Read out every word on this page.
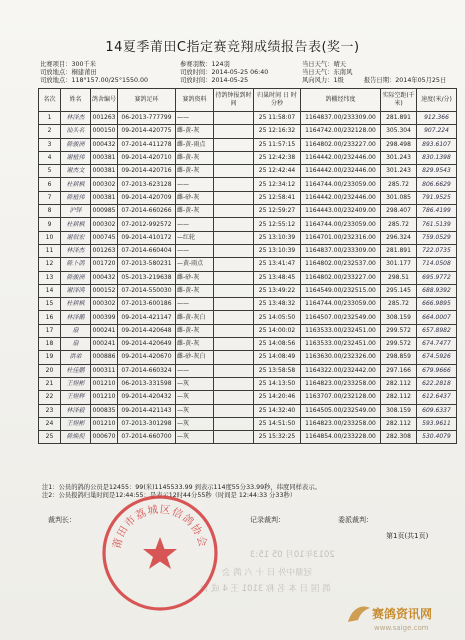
14夏季莆田C指定赛竞翔成绩报告表(奖一)
比赛项目：300千米
司放地点：桐建莆田
司放地点：118°157.00/25°1550.00
参赛羽数：124羽
司放时间：2014-05-25 06:40
司放时间：2014-05-25
当日天气：晴天
当日天气：东南风
风向风力：1级	报告日期：2014年05月25日
名次	姓名	鸽舍编号	赛鸽足环	赛鸽资料	持鸽钟报到时间	归巢时间 日 时分秒	鸽棚经纬度	实际空距(千米)	速度(米/分)
1	林泽杰	001263	06-2013-777799	——		25 11:58:07	1164837.00/233309.00	281.891	912.366
2	汕头名	000150	09-2014-420775	雌-黄-灰		25 12:16:32	1164742.00/232128.00	305.304	907.224
3	陈骏洲	000432	07-2014-411278	雌-黄-雨点		25 11:57:15	1164802.00/233227.00	298.498	893.6107
4	谢植伟	000381	09-2014-420710	雌-黄-灰		25 12:42:38	1164442.00/232446.00	301.243	830.1398
5	谢杰文	000381	09-2014-420716	雌-黄-灰		25 12:42:44	1164442.00/232446.00	301.243	829.9543
6	杜耕枫	000302	07-2013-623128	——		25 12:34:12	1164744.00/233059.00	285.72	806.6629
7	陈植伟	000381	09-2014-420709	雌-砂-灰		25 12:58:41	1164442.00/232446.00	301.085	791.9525
8	沪铎	000985	07-2014-660266	雌-黄-灰		25 12:59:27	1164443.00/232409.00	298.407	786.4199
9	杜耕枫	000302	07-2012-992572	——		25 12:55:12	1164744.00/233059.00	285.72	761.5139
10	谢叙宏	000745	09-2014-410172	—红轮		25 13:10:39	1164701.00/232316.00	296.324	759.0529
11	林泽杰	001263	07-2014-660404	——		25 13:10:39	1164837.00/233309.00	281.891	722.0735
12	陈卜鸽	001720	07-2013-580231	—黄-雨点		25 13:41:47	1164802.00/232537.00	301.177	714.0508
13	陈骏洲	000432	05-2013-219638	雌-砂-灰		25 13:48:45	1164802.00/233227.00	298.51	695.9772
14	谢泽鸿	000152	07-2014-550030	雌-黄-灰		25 13:49:22	1164549.00/232515.00	295.145	688.9392
15	杜耕枫	000302	07-2013-600186	——		25 13:48:32	1164744.00/233059.00	285.72	666.9895
16	林泽鹅	000399	09-2014-421147	雌-黄-灰白		25 14:05:50	1164507.00/232549.00	308.159	664.0007
17	扇	000241	09-2014-420648	雌-黄-灰		25 14:00:02	1163533.00/232451.00	299.572	657.8982
18	扇	000241	09-2014-420649	雌-黄-灰		25 14:08:56	1163533.00/232451.00	299.572	674.7477
19	洪弟	000886	09-2014-420670	雌-砂-灰白		25 14:08:49	1163630.00/232326.00	298.859	674.5926
20	杜佳鹏	000311	07-2014-660324	——		25 13:58:58	1164322.00/232442.00	297.166	679.9666
21	王煜彬	001210	06-2013-331598	—灰		25 14:13:50	1164823.00/233258.00	282.112	622.2818
22	王煜辉	001210	09-2014-420432	—灰		25 14:20:46	1163707.00/232128.00	282.112	612.6437
23	林泽毅	000835	09-2014-421143	—灰		25 14:32:40	1164505.00/232549.00	308.159	609.6337
24	王煜彬	001210	07-2013-301298	—灰		25 14:51:50	1164823.00/233258.00	282.112	593.9611
25	陈焕倪	000670	07-2014-660700	—灰		25 15:32:25	1164854.00/233228.00	282.308	530.4079
注1：公员的鸽的公员是12455：99(米)1145533.99 到表示114度55分33.99秒，纬度同样表示。
注2：公员报鸽归巢时间是12:44:55：是表示12时44分55秒（时间是 12:44:33 分33秒）
裁判长：	记录裁判：	委派裁判：
第1页(共1页)
2013年10月 05 15:3
冠鼎中外 日 十 六 鸽 会
鸽 国 日 本 名 称 3101 王 4 成 台
莆田市荔城区信鸽协会
赛鸽资讯网
www.saige.com
